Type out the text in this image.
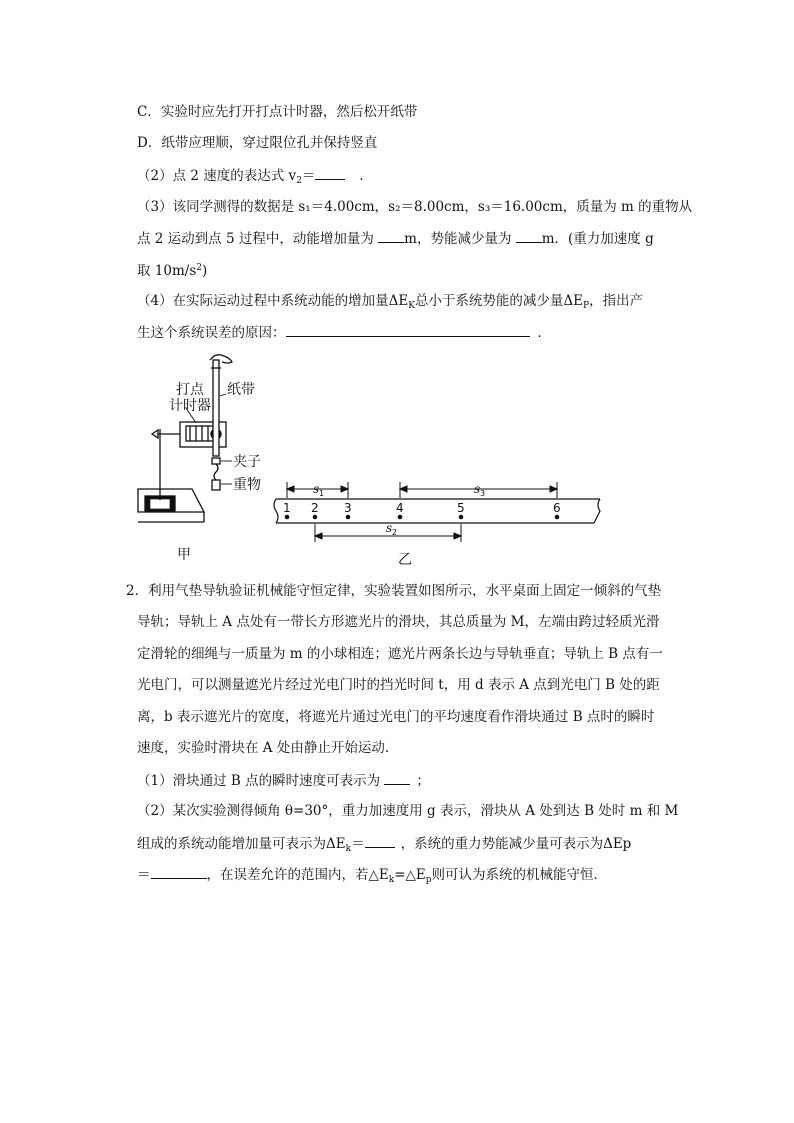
C．实验时应先打开打点计时器，然后松开纸带
D．纸带应理顺，穿过限位孔并保持竖直
（2）点 2 速度的表达式 $v_2=$	．
（3）该同学测得的数据是 s₁＝4.00cm，s₂＝8.00cm，s₃＝16.00cm，质量为 m 的重物从
点 2 运动到点 5 过程中，动能增加量为 m，势能减少量为 m．(重力加速度 g
取 $10m/s^2$)
（4）在实际运动过程中系统动能的增加量$\Delta E_K$总小于系统势能的减少量$\Delta E_P$，指出产
生这个系统误差的原因：	．
打点
计时器
纸带
夹子
重物
甲
1 2 3	4	5	6
s 1	s 3
s 2
乙
2．利用气垫导轨验证机械能守恒定律，实验装置如图所示，水平桌面上固定一倾斜的气垫
导轨；导轨上 A 点处有一带长方形遮光片的滑块，其总质量为 M，左端由跨过轻质光滑
定滑轮的细绳与一质量为 m 的小球相连；遮光片两条长边与导轨垂直；导轨上 B 点有一
光电门，可以测量遮光片经过光电门时的挡光时间 t，用 d 表示 A 点到光电门 B 处的距
离，b 表示遮光片的宽度，将遮光片通过光电门的平均速度看作滑块通过 B 点时的瞬时
速度，实验时滑块在 A 处由静止开始运动．
（1）滑块通过 B 点的瞬时速度可表示为 ；
（2）某次实验测得倾角 θ=30°，重力加速度用 g 表示，滑块从 A 处到达 B 处时 m 和 M
组成的系统动能增加量可表示为$\Delta E_k=$	，系统的重力势能减少量可表示为ΔEp
＝	，在误差允许的范围内，若$\triangle E_k=\triangle E_p$则可认为系统的机械能守恒．
